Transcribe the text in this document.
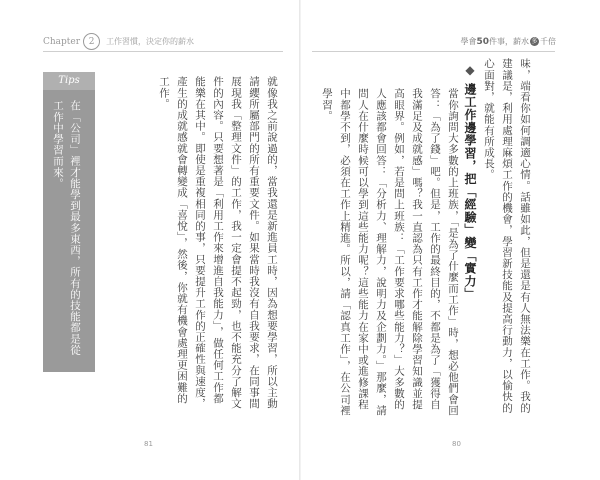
Chapter 2	工作習慣，決定你的薪水
Tips
在「公司」裡才能學到最多東西，所有的技能都是從工作中學習而來。	就像我之前說過的，當我還是新進員工時，因為想要學習，所以主動請纓所屬部門的所有重要文件。如果當時我沒有自我要求，在同事間展現我「整理文件」的工作，我一定會提不起勁，也不能充分了解文件的內容。只要想著是「利用工作來增進自我能力」，做任何工作都能樂在其中。即使是重複相同的事，只要提升工作的正確性與速度，產生的成就感就會轉變成「喜悅」，然後，你就有機會處理更困難的工作。

81
學會 50 件事，薪水 多 千倍

味，端看你如何調適心情。話雖如此，但是還是有人無法樂在工作。我的建議是，利用處理麻煩工作的機會，學習新技能及提高行動力，以愉快的心面對，就能有所成長。

◆ 邊工作邊學習，把「經驗」變「實力」

當你詢問大多數的上班族，「是為了什麼而工作」時，想必他們會回答：「為了錢」吧。但是，工作的最終目的，不都是為了「獲得自我滿足及成就感」嗎？我一直認為只有工作才能解除學習知識並提高眼界。例如，若是問上班族：「工作要求哪些能力？」大多數的人應該都會回答：「分析力、理解力，說明力及企劃力。」那麼，請問人在什麼時候可以學到這些能力呢？這些能力在家中或進修課程中都學不到，必須在工作上精進。所以，請「認真工作」，在公司裡學習。

80
